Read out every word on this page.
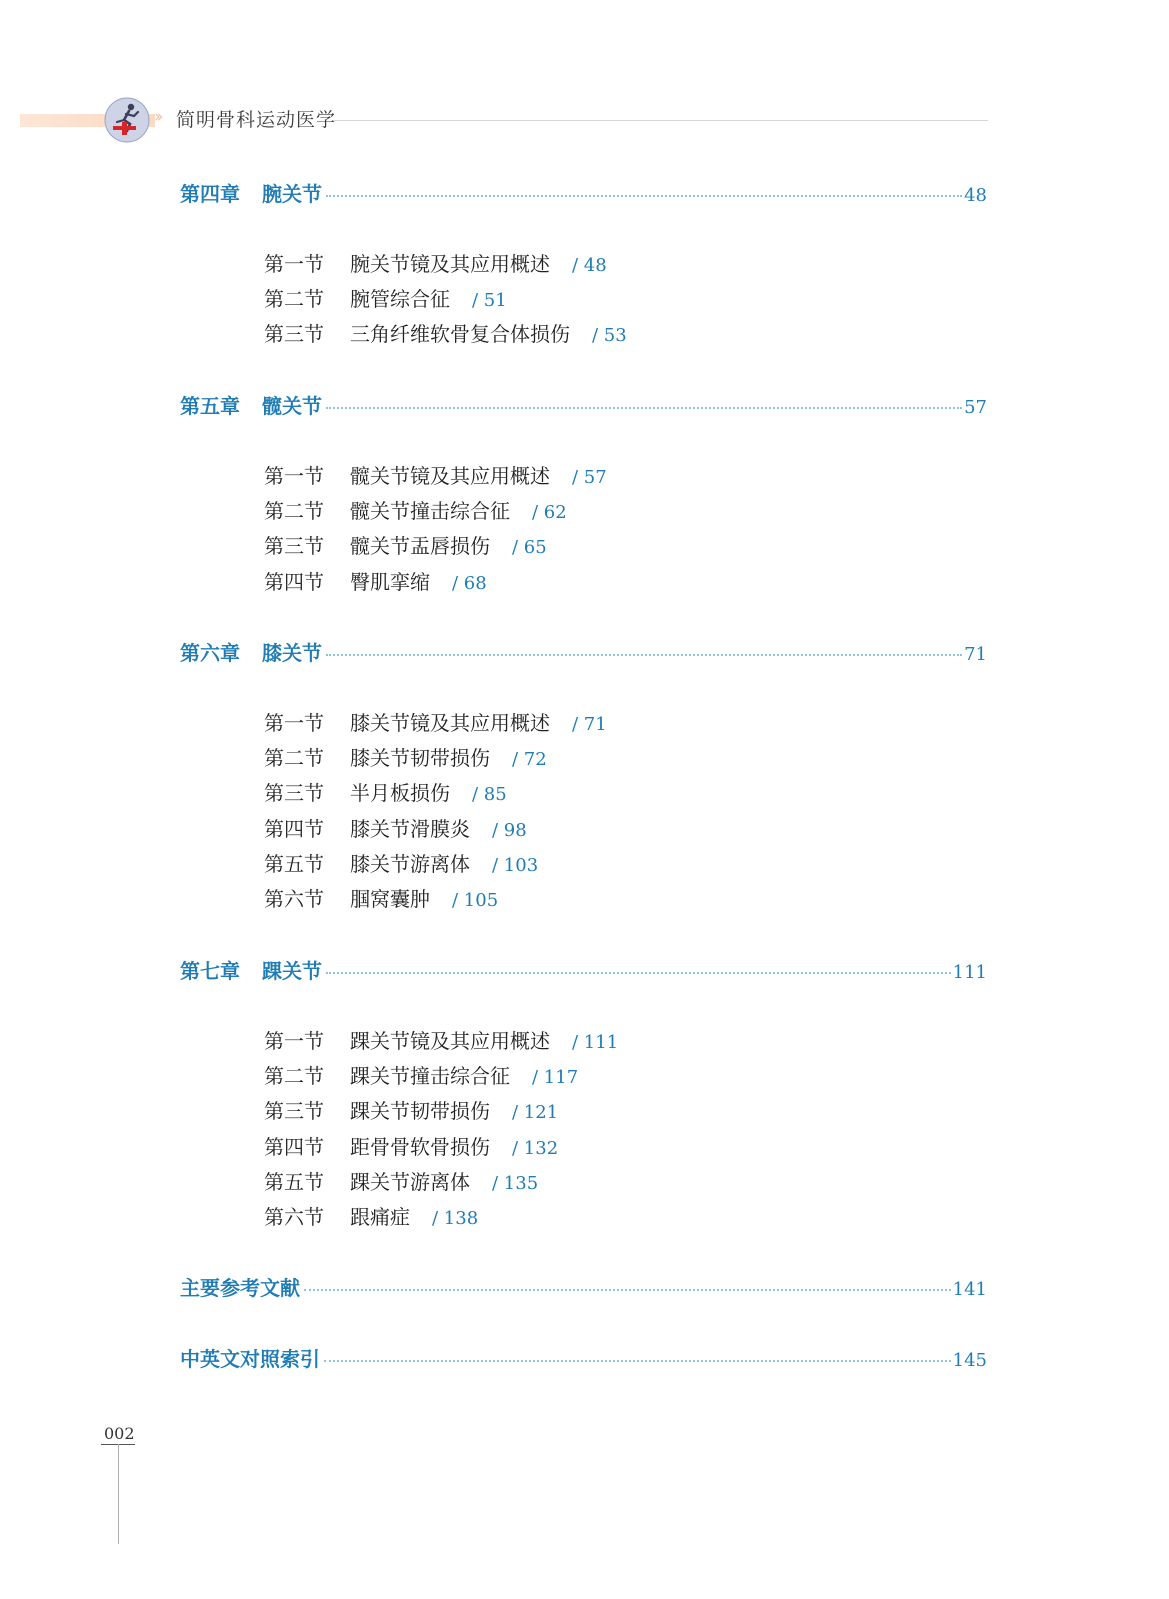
›› 简明骨科运动医学
第四章 腕关节	48
第一节 腕关节镜及其应用概述 / 48
第二节 腕管综合征 / 51
第三节 三角纤维软骨复合体损伤 / 53
第五章 髋关节	57
第一节 髋关节镜及其应用概述 / 57
第二节 髋关节撞击综合征 / 62
第三节 髋关节盂唇损伤 / 65
第四节 臀肌挛缩 / 68
第六章 膝关节	71
第一节 膝关节镜及其应用概述 / 71
第二节 膝关节韧带损伤 / 72
第三节 半月板损伤 / 85
第四节 膝关节滑膜炎 / 98
第五节 膝关节游离体 / 103
第六节 腘窝囊肿 / 105
第七章 踝关节	111
第一节 踝关节镜及其应用概述 / 111
第二节 踝关节撞击综合征 / 117
第三节 踝关节韧带损伤 / 121
第四节 距骨骨软骨损伤 / 132
第五节 踝关节游离体 / 135
第六节 跟痛症 / 138
主要参考文献	141
中英文对照索引	145
002
